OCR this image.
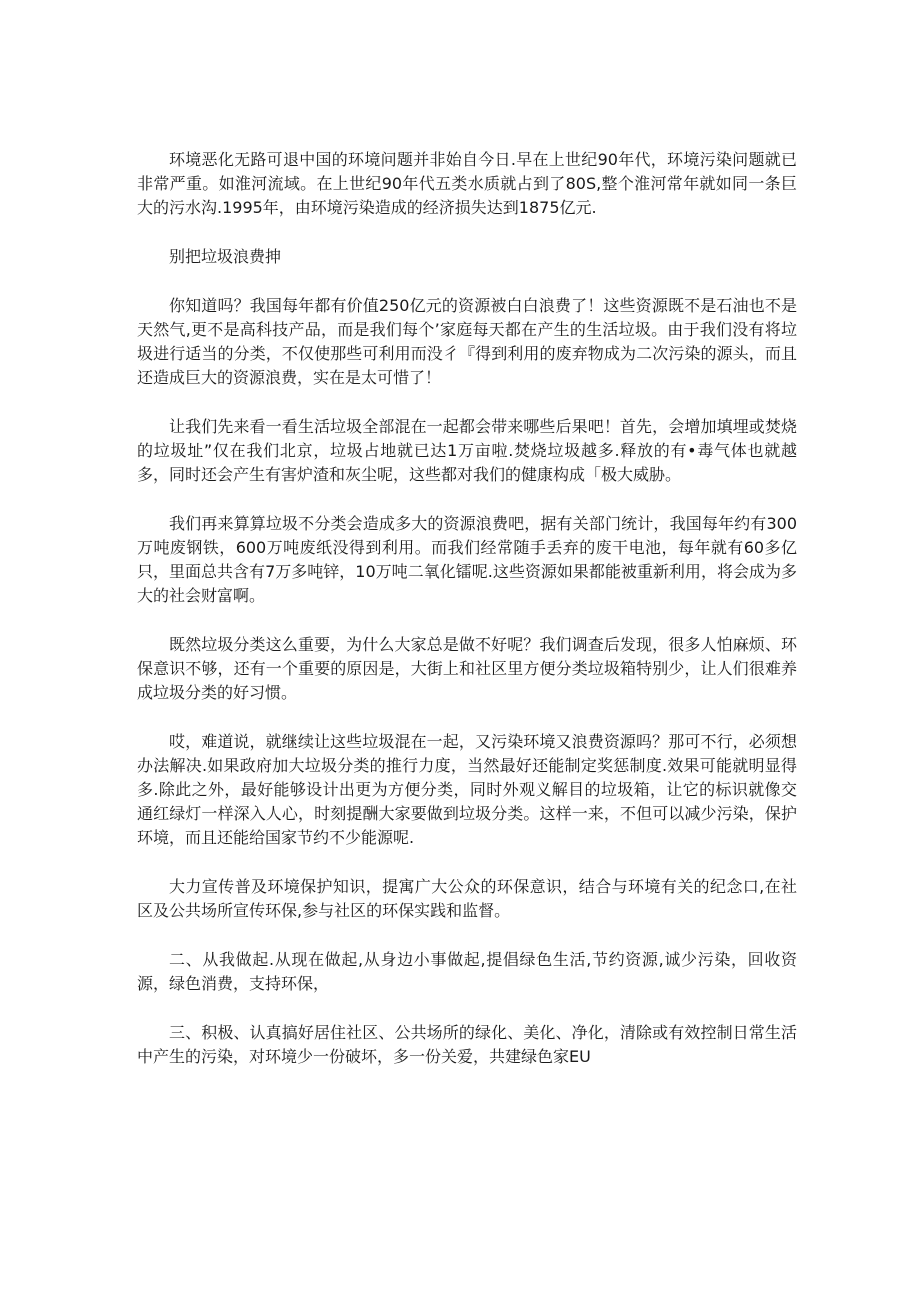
环境恶化无路可退中国的环境问题并非始自今日.早在上世纪90年代，环境污染问题就已非常严重。如淮河流域。在上世纪90年代五类水质就占到了80S,整个淮河常年就如同一条巨大的污水沟.1995年，由环境污染造成的经济损失达到1875亿元.

别把垃圾浪费抻

你知道吗？我国每年都有价值250亿元的资源被白白浪费了！这些资源既不是石油也不是天然气,更不是高科技产品，而是我们每个’家庭每天都在产生的生活垃圾。由于我们没有将垃圾进行适当的分类，不仅使那些可利用而没彳『得到利用的废弃物成为二次污染的源头，而且还造成巨大的资源浪费，实在是太可惜了！

让我们先来看一看生活垃圾全部混在一起都会带来哪些后果吧！首先，会增加填埋或焚烧的垃圾址”仅在我们北京，垃圾占地就已达1万亩啦.焚烧垃圾越多.释放的有•毒气体也就越多，同时还会产生有害炉渣和灰尘呢，这些都对我们的健康构成「极大威胁。

我们再来算算垃圾不分类会造成多大的资源浪费吧，据有关部门统计，我国每年约有300万吨废钢铁，600万吨废纸没得到利用。而我们经常随手丢弃的废干电池，每年就有60多亿只，里面总共含有7万多吨锌，10万吨二氧化镭呢.这些资源如果都能被重新利用，将会成为多大的社会财富啊。

既然垃圾分类这么重要，为什么大家总是做不好呢？我们调查后发现，很多人怕麻烦、环保意识不够，还有一个重要的原因是，大街上和社区里方便分类垃圾箱特别少，让人们很难养成垃圾分类的好习惯。

哎，难道说，就继续让这些垃圾混在一起，又污染环境又浪费资源吗？那可不行，必须想办法解决.如果政府加大垃圾分类的推行力度，当然最好还能制定奖惩制度.效果可能就明显得多.除此之外，最好能够设计出更为方便分类，同时外观义解目的垃圾箱，让它的标识就像交通红绿灯一样深入人心，时刻提酬大家要做到垃圾分类。这样一来，不但可以减少污染，保护环境，而且还能给国家节约不少能源呢.

大力宣传普及环境保护知识，提寓广大公众的环保意识，结合与环境有关的纪念口,在社区及公共场所宣传环保,参与社区的环保实践和监督。

二、从我做起.从现在做起,从身边小事做起,提倡绿色生活,节约资源,诚少污染，回收资源，绿色消费，支持环保，

三、积极、认真搞好居住社区、公共场所的绿化、美化、净化，清除或有效控制日常生活中产生的污染，对环境少一份破坏，多一份关爱，共建绿色家EU
